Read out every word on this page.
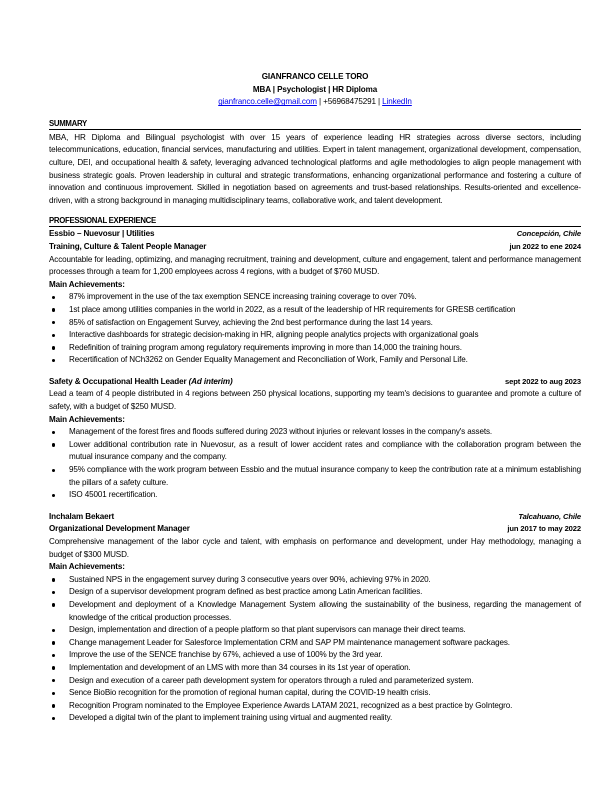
GIANFRANCO CELLE TORO
MBA | Psychologist | HR Diploma
gianfranco.celle@gmail.com | +56968475291 | LinkedIn
SUMMARY
MBA, HR Diploma and Bilingual psychologist with over 15 years of experience leading HR strategies across diverse sectors, including telecommunications, education, financial services, manufacturing and utilities. Expert in talent management, organizational development, compensation, culture, DEI, and occupational health & safety, leveraging advanced technological platforms and agile methodologies to align people management with business strategic goals. Proven leadership in cultural and strategic transformations, enhancing organizational performance and fostering a culture of innovation and continuous improvement. Skilled in negotiation based on agreements and trust-based relationships. Results-oriented and excellence-driven, with a strong background in managing multidisciplinary teams, collaborative work, and talent development.
PROFESSIONAL EXPERIENCE
Essbio – Nuevosur | Utilities	Concepción, Chile
Training, Culture & Talent People Manager	jun 2022 to ene 2024
Accountable for leading, optimizing, and managing recruitment, training and development, culture and engagement, talent and performance management processes through a team for 1,200 employees across 4 regions, with a budget of $760 MUSD.
Main Achievements:
87% improvement in the use of the tax exemption SENCE increasing training coverage to over 70%.
1st place among utilities companies in the world in 2022, as a result of the leadership of HR requirements for GRESB certification
85% of satisfaction on Engagement Survey, achieving the 2nd best performance during the last 14 years.
Interactive dashboards for strategic decision-making in HR, aligning people analytics projects with organizational goals
Redefinition of training program among regulatory requirements improving in more than 14,000 the training hours.
Recertification of NCh3262 on Gender Equality Management and Reconciliation of Work, Family and Personal Life.
Safety & Occupational Health Leader (Ad interim)	sept 2022 to aug 2023
Lead a team of 4 people distributed in 4 regions between 250 physical locations, supporting my team's decisions to guarantee and promote a culture of safety, with a budget of $250 MUSD.
Main Achievements:
Management of the forest fires and floods suffered during 2023 without injuries or relevant losses in the company's assets.
Lower additional contribution rate in Nuevosur, as a result of lower accident rates and compliance with the collaboration program between the mutual insurance company and the company.
95% compliance with the work program between Essbio and the mutual insurance company to keep the contribution rate at a minimum establishing the pillars of a safety culture.
ISO 45001 recertification.
Inchalam Bekaert	Talcahuano, Chile
Organizational Development Manager	jun 2017 to may 2022
Comprehensive management of the labor cycle and talent, with emphasis on performance and development, under Hay methodology, managing a budget of $300 MUSD.
Main Achievements:
Sustained NPS in the engagement survey during 3 consecutive years over 90%, achieving 97% in 2020.
Design of a supervisor development program defined as best practice among Latin American facilities.
Development and deployment of a Knowledge Management System allowing the sustainability of the business, regarding the management of knowledge of the critical production processes.
Design, implementation and direction of a people platform so that plant supervisors can manage their direct teams.
Change management Leader for Salesforce Implementation CRM and SAP PM maintenance management software packages.
Improve the use of the SENCE franchise by 67%, achieved a use of 100% by the 3rd year.
Implementation and development of an LMS with more than 34 courses in its 1st year of operation.
Design and execution of a career path development system for operators through a ruled and parameterized system.
Sence BioBio recognition for the promotion of regional human capital, during the COVID-19 health crisis.
Recognition Program nominated to the Employee Experience Awards LATAM 2021, recognized as a best practice by GoIntegro.
Developed a digital twin of the plant to implement training using virtual and augmented reality.
